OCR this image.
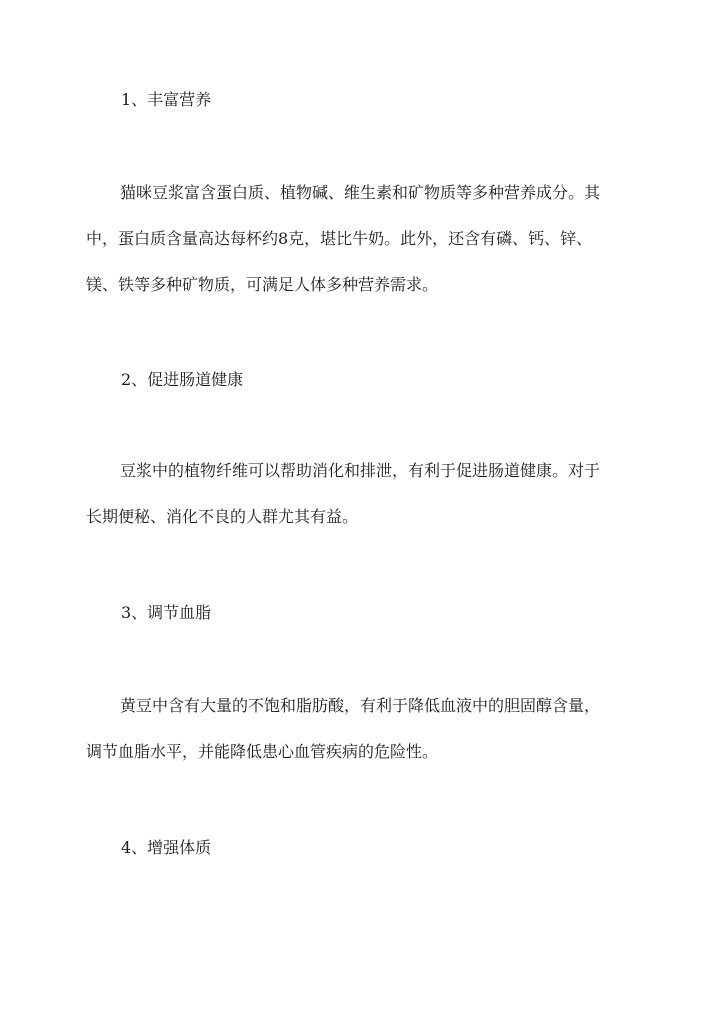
1、丰富营养

猫咪豆浆富含蛋白质、植物碱、维生素和矿物质等多种营养成分。其
中，蛋白质含量高达每杯约8克，堪比牛奶。此外，还含有磷、钙、锌、
镁、铁等多种矿物质，可满足人体多种营养需求。

2、促进肠道健康

豆浆中的植物纤维可以帮助消化和排泄，有利于促进肠道健康。对于
长期便秘、消化不良的人群尤其有益。

3、调节血脂

黄豆中含有大量的不饱和脂肪酸，有利于降低血液中的胆固醇含量，
调节血脂水平，并能降低患心血管疾病的危险性。

4、增强体质
